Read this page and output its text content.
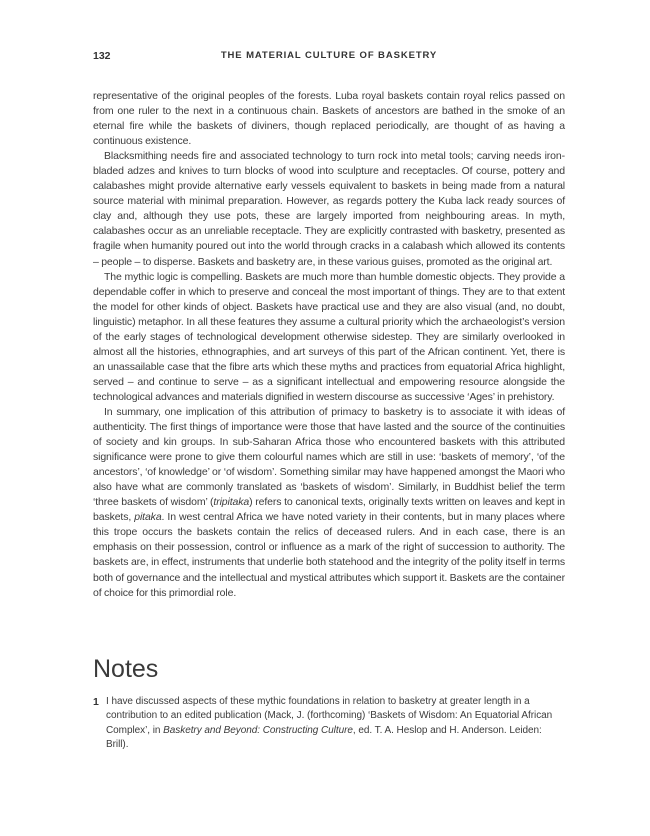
132	THE MATERIAL CULTURE OF BASKETRY

representative of the original peoples of the forests. Luba royal baskets contain royal relics passed on from one ruler to the next in a continuous chain. Baskets of ancestors are bathed in the smoke of an eternal fire while the baskets of diviners, though replaced periodically, are thought of as having a continuous existence.

Blacksmithing needs fire and associated technology to turn rock into metal tools; carving needs iron-bladed adzes and knives to turn blocks of wood into sculpture and receptacles. Of course, pottery and calabashes might provide alternative early vessels equivalent to baskets in being made from a natural source material with minimal preparation. However, as regards pottery the Kuba lack ready sources of clay and, although they use pots, these are largely imported from neighbouring areas. In myth, calabashes occur as an unreliable receptacle. They are explicitly contrasted with basketry, presented as fragile when humanity poured out into the world through cracks in a calabash which allowed its contents – people – to disperse. Baskets and basketry are, in these various guises, promoted as the original art.

The mythic logic is compelling. Baskets are much more than humble domestic objects. They provide a dependable coffer in which to preserve and conceal the most important of things. They are to that extent the model for other kinds of object. Baskets have practical use and they are also visual (and, no doubt, linguistic) metaphor. In all these features they assume a cultural priority which the archaeologist’s version of the early stages of technological development otherwise sidestep. They are similarly overlooked in almost all the histories, ethnographies, and art surveys of this part of the African continent. Yet, there is an unassailable case that the fibre arts which these myths and practices from equatorial Africa highlight, served – and continue to serve – as a significant intellectual and empowering resource alongside the technological advances and materials dignified in western discourse as successive ‘Ages’ in prehistory.

In summary, one implication of this attribution of primacy to basketry is to associate it with ideas of authenticity. The first things of importance were those that have lasted and the source of the continuities of society and kin groups. In sub-Saharan Africa those who encountered baskets with this attributed significance were prone to give them colourful names which are still in use: ‘baskets of memory’, ‘of the ancestors’, ‘of knowledge’ or ‘of wisdom’. Something similar may have happened amongst the Maori who also have what are commonly translated as ‘baskets of wisdom’. Similarly, in Buddhist belief the term ‘three baskets of wisdom’ (tripitaka) refers to canonical texts, originally texts written on leaves and kept in baskets, pitaka. In west central Africa we have noted variety in their contents, but in many places where this trope occurs the baskets contain the relics of deceased rulers. And in each case, there is an emphasis on their possession, control or influence as a mark of the right of succession to authority. The baskets are, in effect, instruments that underlie both statehood and the integrity of the polity itself in terms both of governance and the intellectual and mystical attributes which support it. Baskets are the container of choice for this primordial role.

Notes
1 I have discussed aspects of these mythic foundations in relation to basketry at greater length in a contribution to an edited publication (Mack, J. (forthcoming) ‘Baskets of Wisdom: An Equatorial African Complex’, in Basketry and Beyond: Constructing Culture, ed. T. A. Heslop and H. Anderson. Leiden: Brill).
